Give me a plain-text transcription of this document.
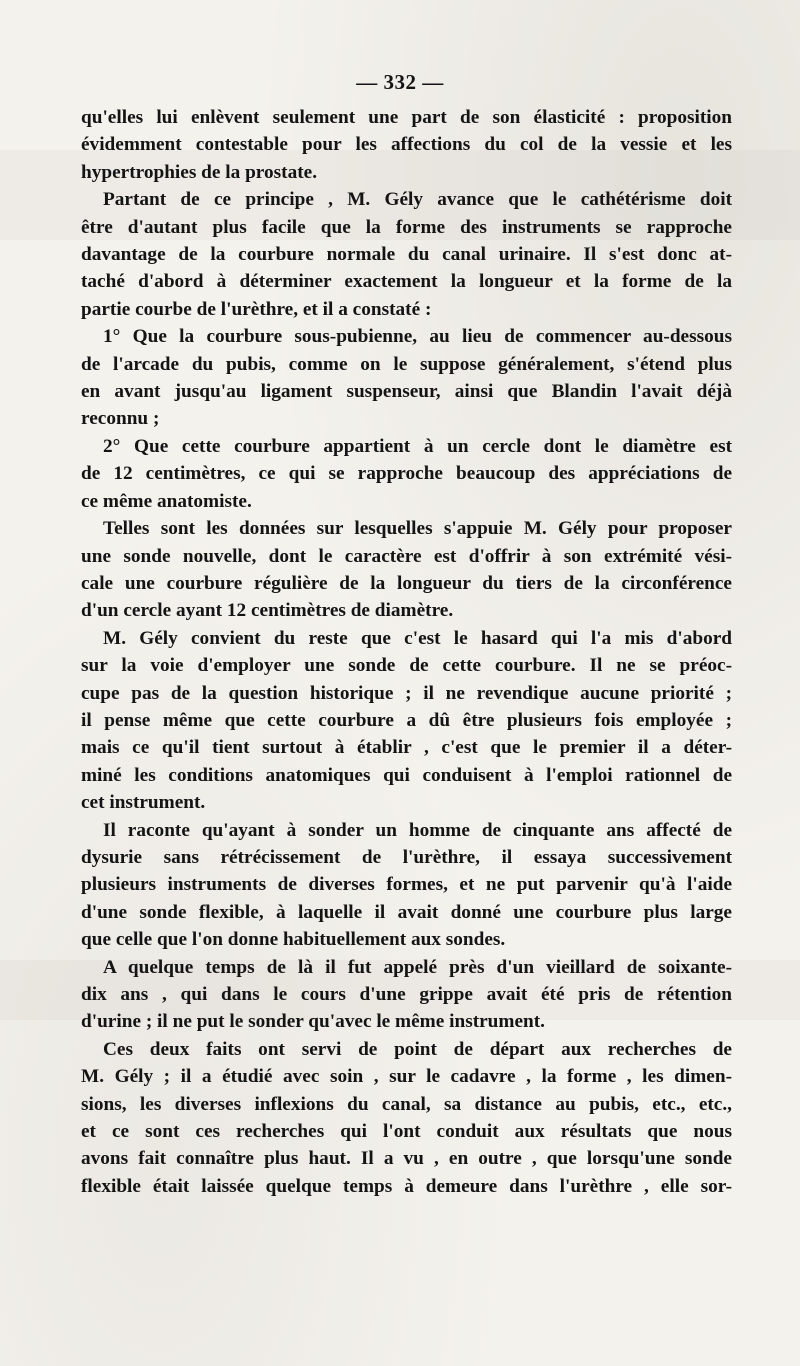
— 332 —
qu'elles lui enlèvent seulement une part de son élasticité : proposition
évidemment contestable pour les affections du col de la vessie et les
hypertrophies de la prostate.
Partant de ce principe , M. Gély avance que le cathétérisme doit
être d'autant plus facile que la forme des instruments se rapproche
davantage de la courbure normale du canal urinaire. Il s'est donc at-
taché d'abord à déterminer exactement la longueur et la forme de la
partie courbe de l'urèthre, et il a constaté :
1° Que la courbure sous-pubienne, au lieu de commencer au-dessous
de l'arcade du pubis, comme on le suppose généralement, s'étend plus
en avant jusqu'au ligament suspenseur, ainsi que Blandin l'avait déjà
reconnu ;
2° Que cette courbure appartient à un cercle dont le diamètre est
de 12 centimètres, ce qui se rapproche beaucoup des appréciations de
ce même anatomiste.
Telles sont les données sur lesquelles s'appuie M. Gély pour proposer
une sonde nouvelle, dont le caractère est d'offrir à son extrémité vési-
cale une courbure régulière de la longueur du tiers de la circonférence
d'un cercle ayant 12 centimètres de diamètre.
M. Gély convient du reste que c'est le hasard qui l'a mis d'abord
sur la voie d'employer une sonde de cette courbure. Il ne se préoc-
cupe pas de la question historique ; il ne revendique aucune priorité ;
il pense même que cette courbure a dû être plusieurs fois employée ;
mais ce qu'il tient surtout à établir , c'est que le premier il a déter-
miné les conditions anatomiques qui conduisent à l'emploi rationnel de
cet instrument.
Il raconte qu'ayant à sonder un homme de cinquante ans affecté de
dysurie sans rétrécissement de l'urèthre, il essaya successivement
plusieurs instruments de diverses formes, et ne put parvenir qu'à l'aide
d'une sonde flexible, à laquelle il avait donné une courbure plus large
que celle que l'on donne habituellement aux sondes.
A quelque temps de là il fut appelé près d'un vieillard de soixante-
dix ans , qui dans le cours d'une grippe avait été pris de rétention
d'urine ; il ne put le sonder qu'avec le même instrument.
Ces deux faits ont servi de point de départ aux recherches de
M. Gély ; il a étudié avec soin , sur le cadavre , la forme , les dimen-
sions, les diverses inflexions du canal, sa distance au pubis, etc., etc.,
et ce sont ces recherches qui l'ont conduit aux résultats que nous
avons fait connaître plus haut. Il a vu , en outre , que lorsqu'une sonde
flexible était laissée quelque temps à demeure dans l'urèthre , elle sor-
